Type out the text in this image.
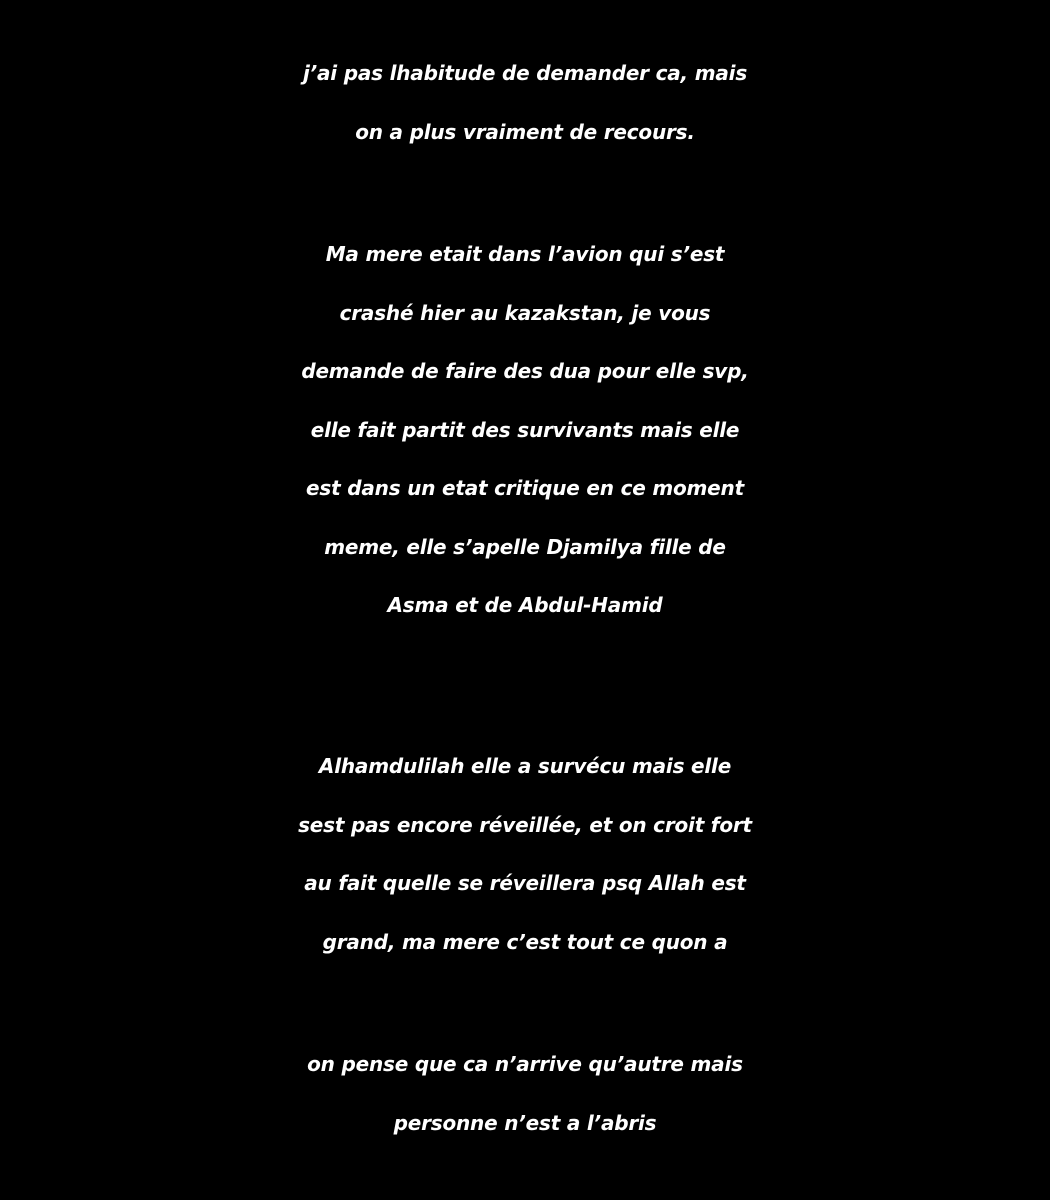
j’ai pas lhabitude de demander ca, mais
on a plus vraiment de recours.
Ma mere etait dans l’avion qui s’est
crashé hier au kazakstan, je vous
demande de faire des dua pour elle svp,
elle fait partit des survivants mais elle
est dans un etat critique en ce moment
meme, elle s’apelle Djamilya fille de
Asma et de Abdul-Hamid
Alhamdulilah elle a survécu mais elle
sest pas encore réveillée, et on croit fort
au fait quelle se réveillera psq Allah est
grand, ma mere c’est tout ce quon a
on pense que ca n’arrive qu’autre mais
personne n’est a l’abris
